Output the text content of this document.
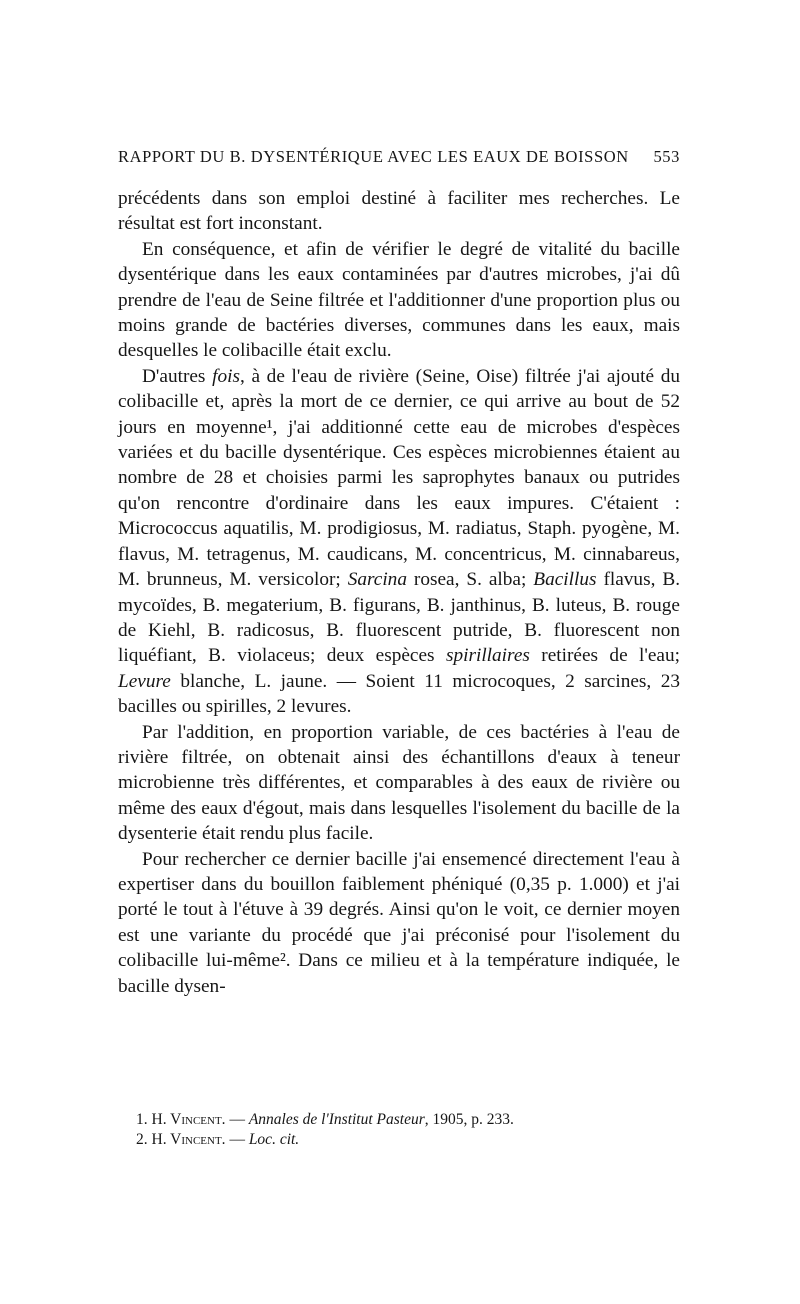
RAPPORT DU B. DYSENTÉRIQUE AVEC LES EAUX DE BOISSON 553

précédents dans son emploi destiné à faciliter mes recherches. Le résultat est fort inconstant.

En conséquence, et afin de vérifier le degré de vitalité du bacille dysentérique dans les eaux contaminées par d'autres microbes, j'ai dû prendre de l'eau de Seine filtrée et l'additionner d'une proportion plus ou moins grande de bactéries diverses, communes dans les eaux, mais desquelles le colibacille était exclu.

D'autres fois, à de l'eau de rivière (Seine, Oise) filtrée j'ai ajouté du colibacille et, après la mort de ce dernier, ce qui arrive au bout de 52 jours en moyenne¹, j'ai additionné cette eau de microbes d'espèces variées et du bacille dysentérique. Ces espèces microbiennes étaient au nombre de 28 et choisies parmi les saprophytes banaux ou putrides qu'on rencontre d'ordinaire dans les eaux impures. C'étaient : Micrococcus aquatilis, M. prodigiosus, M. radiatus, Staph. pyogène, M. flavus, M. tetragenus, M. caudicans, M. concentricus, M. cinnabareus, M. brunneus, M. versicolor; Sarcina rosea, S. alba; Bacillus flavus, B. mycoïdes, B. megaterium, B. figurans, B. janthinus, B. luteus, B. rouge de Kiehl, B. radicosus, B. fluorescent putride, B. fluorescent non liquéfiant, B. violaceus; deux espèces spirillaires retirées de l'eau; Levure blanche, L. jaune. — Soient 11 microcoques, 2 sarcines, 23 bacilles ou spirilles, 2 levures.

Par l'addition, en proportion variable, de ces bactéries à l'eau de rivière filtrée, on obtenait ainsi des échantillons d'eaux à teneur microbienne très différentes, et comparables à des eaux de rivière ou même des eaux d'égout, mais dans lesquelles l'isolement du bacille de la dysenterie était rendu plus facile.

Pour rechercher ce dernier bacille j'ai ensemencé directement l'eau à expertiser dans du bouillon faiblement phéniqué (0,35 p. 1.000) et j'ai porté le tout à l'étuve à 39 degrés. Ainsi qu'on le voit, ce dernier moyen est une variante du procédé que j'ai préconisé pour l'isolement du colibacille lui-même². Dans ce milieu et à la température indiquée, le bacille dysen-

1. H. Vincent. — Annales de l'Institut Pasteur, 1905, p. 233.

2. H. Vincent. — Loc. cit.
